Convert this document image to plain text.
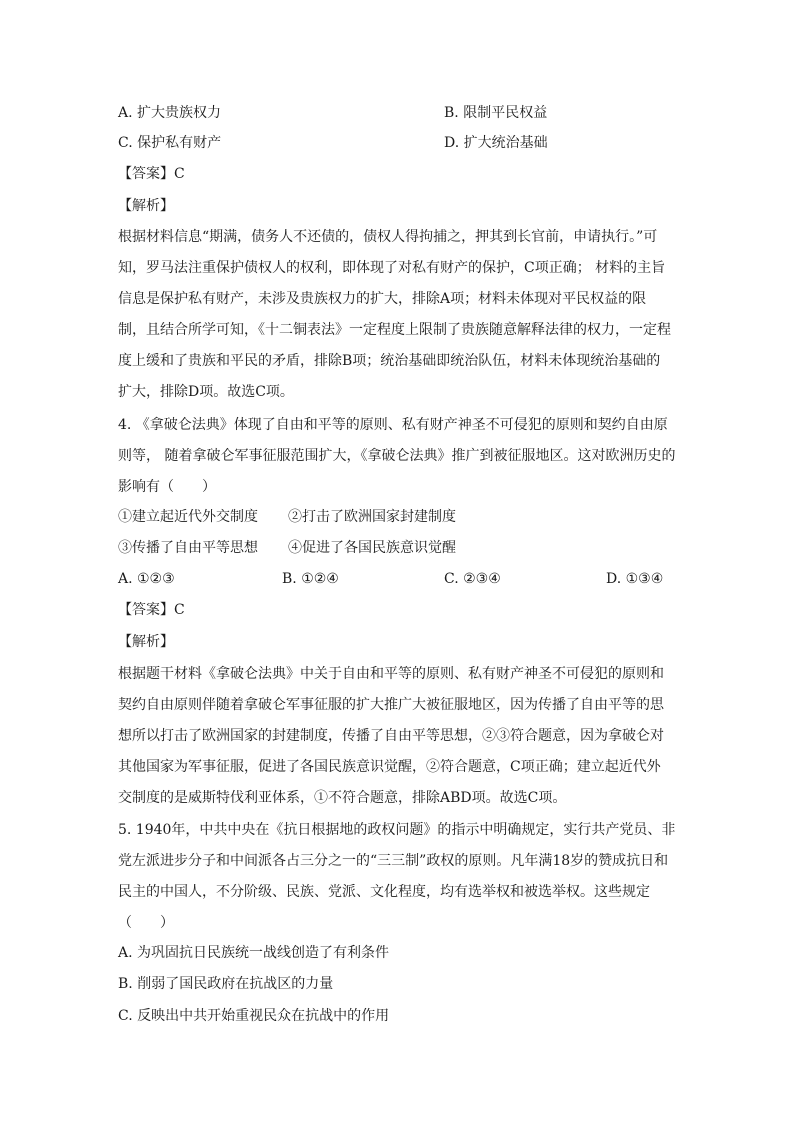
A. 扩大贵族权力	B. 限制平民权益
C. 保护私有财产	D. 扩大统治基础
【答案】C
【解析】
根据材料信息“期满，债务人不还债的，债权人得拘捕之，押其到长官前，申请执行。”可
知，罗马法注重保护债权人的权利，即体现了对私有财产的保护，C项正确； 材料的主旨
信息是保护私有财产，未涉及贵族权力的扩大，排除A项；材料未体现对平民权益的限
制，且结合所学可知，《十二铜表法》一定程度上限制了贵族随意解释法律的权力，一定程
度上缓和了贵族和平民的矛盾，排除B项；统治基础即统治队伍，材料未体现统治基础的
扩大，排除D项。故选C项。
4. 《拿破仑法典》体现了自由和平等的原则、私有财产神圣不可侵犯的原则和契约自由原
则等， 随着拿破仑军事征服范围扩大，《拿破仑法典》推广到被征服地区。这对欧洲历史的
影响有（　　）
①建立起近代外交制度 ②打击了欧洲国家封建制度
③传播了自由平等思想 ④促进了各国民族意识觉醒
A. ①②③	B. ①②④	C. ②③④	D. ①③④
【答案】C
【解析】
根据题干材料《拿破仑法典》中关于自由和平等的原则、私有财产神圣不可侵犯的原则和
契约自由原则伴随着拿破仑军事征服的扩大推广大被征服地区，因为传播了自由平等的思
想所以打击了欧洲国家的封建制度，传播了自由平等思想，②③符合题意，因为拿破仑对
其他国家为军事征服，促进了各国民族意识觉醒，②符合题意，C项正确；建立起近代外
交制度的是威斯特伐利亚体系，①不符合题意，排除ABD项。故选C项。
5. 1940年，中共中央在《抗日根据地的政权问题》的指示中明确规定，实行共产党员、非
党左派进步分子和中间派各占三分之一的“三三制”政权的原则。凡年满18岁的赞成抗日和
民主的中国人，不分阶级、民族、党派、文化程度，均有选举权和被选举权。这些规定
（　　）
A. 为巩固抗日民族统一战线创造了有利条件
B. 削弱了国民政府在抗战区的力量
C. 反映出中共开始重视民众在抗战中的作用
